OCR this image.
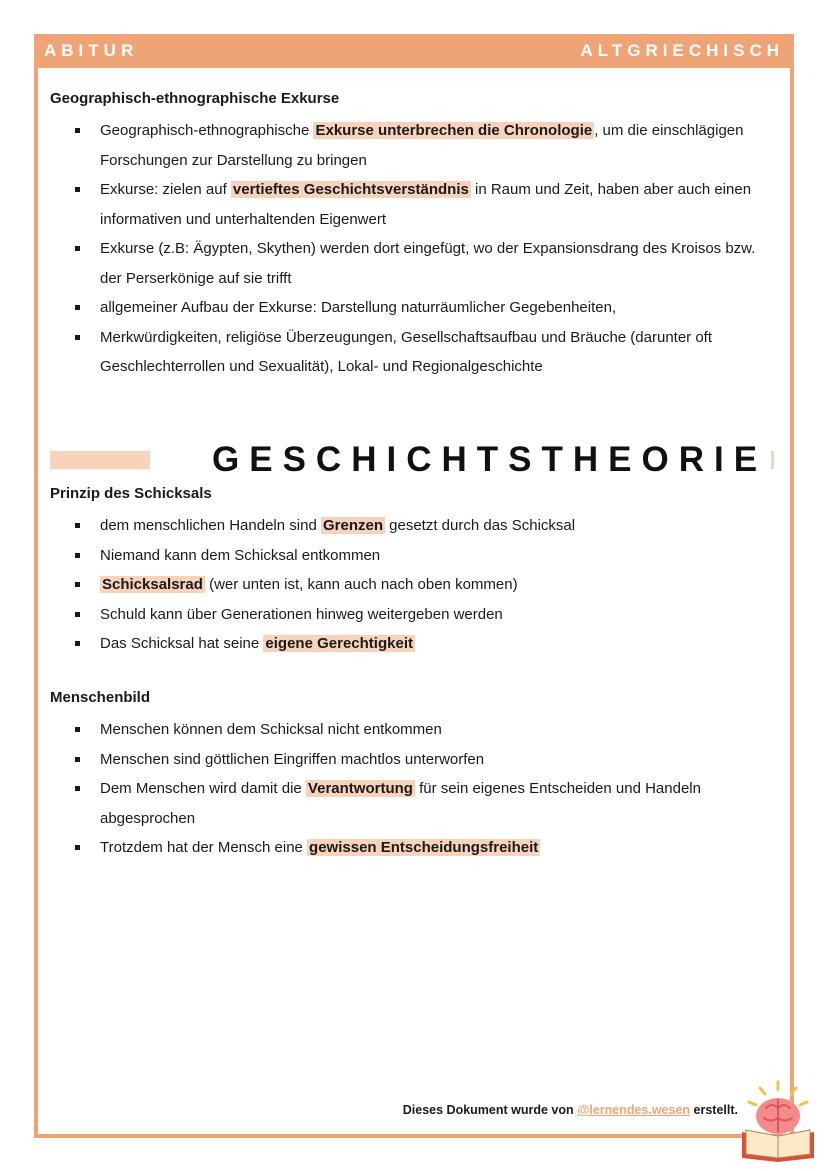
ABITUR	ALTGRIECHISCH
Geographisch-ethnographische Exkurse
Geographisch-ethnographische Exkurse unterbrechen die Chronologie , um die einschlägigen Forschungen zur Darstellung zu bringen
Exkurse: zielen auf vertieftes Geschichtsverständnis in Raum und Zeit, haben aber auch einen informativen und unterhaltenden Eigenwert
Exkurse (z.B: Ägypten, Skythen) werden dort eingefügt, wo der Expansionsdrang des Kroisos bzw. der Perserkönige auf sie trifft
allgemeiner Aufbau der Exkurse: Darstellung naturräumlicher Gegebenheiten,
Merkwürdigkeiten, religiöse Überzeugungen, Gesellschaftsaufbau und Bräuche (darunter oft Geschlechterrollen und Sexualität), Lokal- und Regionalgeschichte
GESCHICHTSTHEORIE
Prinzip des Schicksals
dem menschlichen Handeln sind Grenzen gesetzt durch das Schicksal
Niemand kann dem Schicksal entkommen
Schicksalsrad (wer unten ist, kann auch nach oben kommen)
Schuld kann über Generationen hinweg weitergeben werden
Das Schicksal hat seine eigene Gerechtigkeit
Menschenbild
Menschen können dem Schicksal nicht entkommen
Menschen sind göttlichen Eingriffen machtlos unterworfen
Dem Menschen wird damit die Verantwortung für sein eigenes Entscheiden und Handeln abgesprochen
Trotzdem hat der Mensch eine gewissen Entscheidungsfreiheit
Dieses Dokument wurde von @lernendes.wesen erstellt.
